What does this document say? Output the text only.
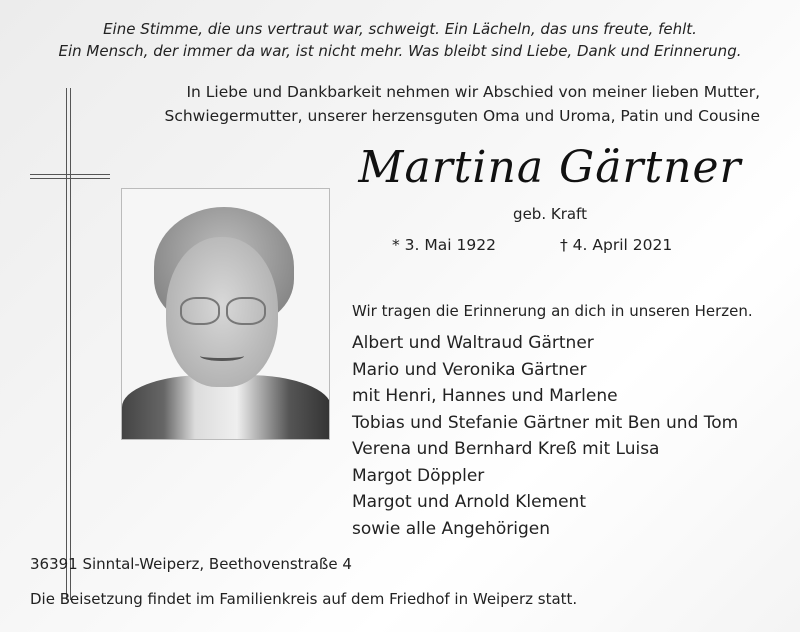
Eine Stimme, die uns vertraut war, schweigt. Ein Lächeln, das uns freute, fehlt.
Ein Mensch, der immer da war, ist nicht mehr. Was bleibt sind Liebe, Dank und Erinnerung.
In Liebe und Dankbarkeit nehmen wir Abschied von meiner lieben Mutter,
Schwiegermutter, unserer herzensguten Oma und Uroma, Patin und Cousine
Martina Gärtner
geb. Kraft
* 3. Mai 1922	† 4. April 2021
Wir tragen die Erinnerung an dich in unseren Herzen.
Albert und Waltraud Gärtner
Mario und Veronika Gärtner
mit Henri, Hannes und Marlene
Tobias und Stefanie Gärtner mit Ben und Tom
Verena und Bernhard Kreß mit Luisa
Margot Döppler
Margot und Arnold Klement
sowie alle Angehörigen
36391 Sinntal-Weiperz, Beethovenstraße 4
Die Beisetzung findet im Familienkreis auf dem Friedhof in Weiperz statt.
